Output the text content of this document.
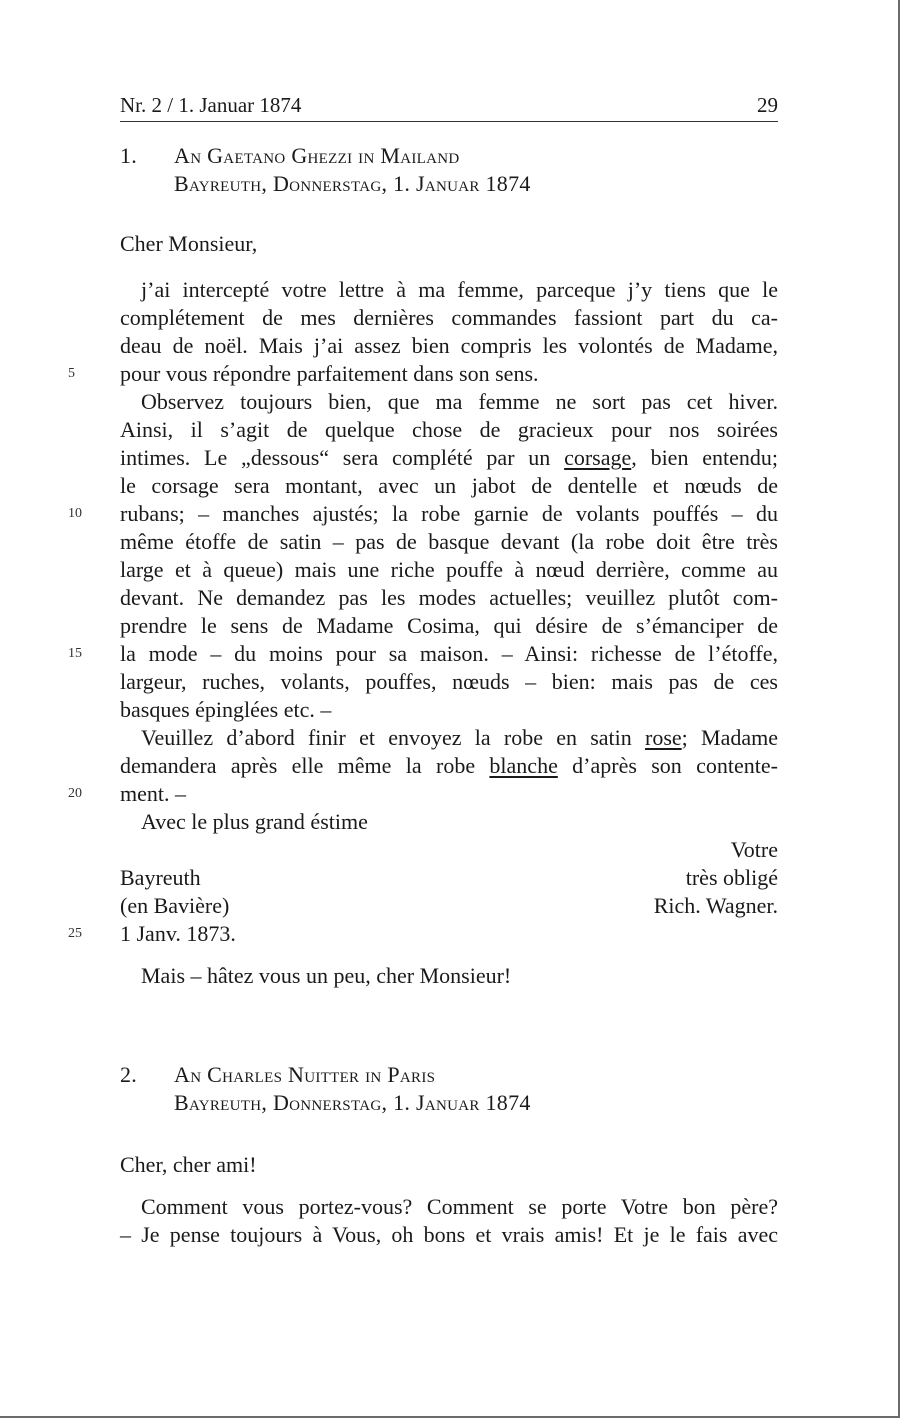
Nr. 2 / 1. Januar 1874	29
1. An Gaetano Ghezzi in Mailand
Bayreuth, Donnerstag, 1. Januar 1874
Cher Monsieur,
j’ai intercepté votre lettre à ma femme, parceque j’y tiens que le
complétement de mes dernières commandes fassiont part du ca-
deau de noël. Mais j’ai assez bien compris les volontés de Madame,
pour vous répondre parfaitement dans son sens.
Observez toujours bien, que ma femme ne sort pas cet hiver.
Ainsi, il s’agit de quelque chose de gracieux pour nos soirées
intimes. Le „dessous“ sera complété par un corsage, bien entendu;
le corsage sera montant, avec un jabot de dentelle et nœuds de
rubans; – manches ajustés; la robe garnie de volants pouffés – du
même étoffe de satin – pas de basque devant (la robe doit être très
large et à queue) mais une riche pouffe à nœud derrière, comme au
devant. Ne demandez pas les modes actuelles; veuillez plutôt com-
prendre le sens de Madame Cosima, qui désire de s’émanciper de
la mode – du moins pour sa maison. – Ainsi: richesse de l’étoffe,
largeur, ruches, volants, pouffes, nœuds – bien: mais pas de ces
basques épinglées etc. –
Veuillez d’abord finir et envoyez la robe en satin rose; Madame
demandera après elle même la robe blanche d’après son contente-
ment. –
Avec le plus grand éstime
Votre
Bayreuth	très obligé
(en Bavière)	Rich. Wagner.
1 Janv. 1873.
Mais – hâtez vous un peu, cher Monsieur!
2. An Charles Nuitter in Paris
Bayreuth, Donnerstag, 1. Januar 1874
Cher, cher ami!
Comment vous portez-vous? Comment se porte Votre bon père?
– Je pense toujours à Vous, oh bons et vrais amis! Et je le fais avec
5
10
15
20
25
